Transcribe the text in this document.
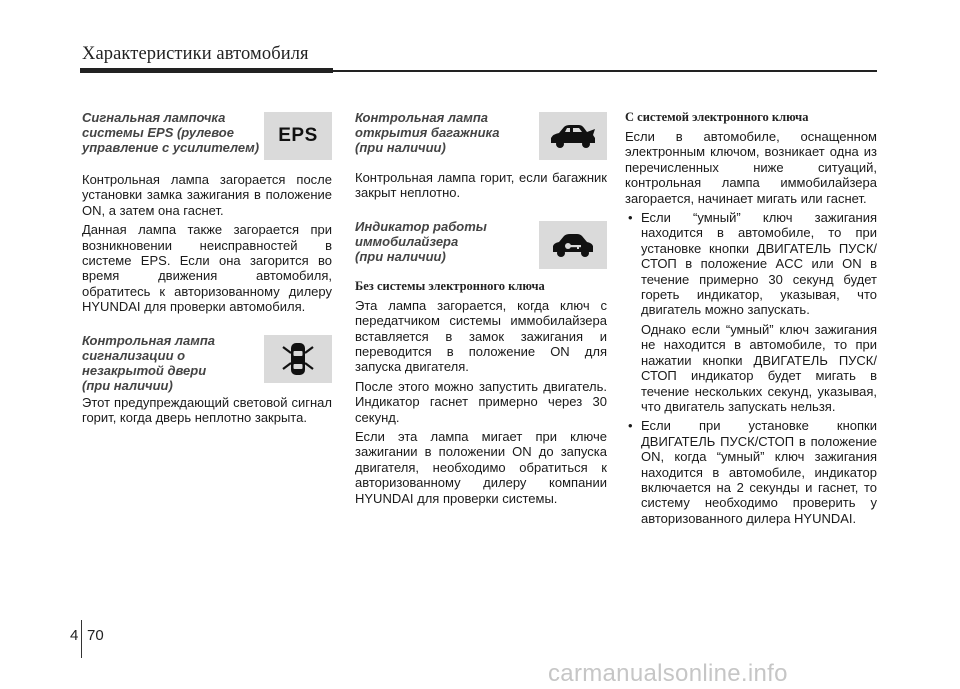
Характеристики автомобиля
Сигнальная лампочка
системы EPS (рулевое
управление с усилителем)
EPS

Контрольная лампа загорается после установки замка зажигания в положение ON, а затем она гаснет.

Данная лампа также загорается при возникновении неисправностей в системе EPS. Если она загорится во время движения автомобиля, обратитесь к авторизованному дилеру HYUNDAI для проверки автомобиля.

Контрольная лампа
сигнализации о
незакрытой двери
(при наличии)

Этот предупреждающий световой сигнал горит, когда дверь неплотно закрыта.

Контрольная лампа
открытия багажника
(при наличии)

Контрольная лампа горит, если багажник закрыт неплотно.

Индикатор работы
иммобилайзера
(при наличии)
Без системы электронного ключа

Эта лампа загорается, когда ключ с передатчиком системы иммобилайзера вставляется в замок зажигания и переводится в положение ON для запуска двигателя.

После этого можно запустить двигатель. Индикатор гаснет примерно через 30 секунд.

Если эта лампа мигает при ключе зажигании в положении ON до запуска двигателя, необходимо обратиться к авторизованному дилеру компании HYUNDAI для проверки системы.

С системой электронного ключа

Если в автомобиле, оснащенном электронным ключом, возникает одна из перечисленных ниже ситуаций, контрольная лампа иммобилайзера загорается, начинает мигать или гаснет.

• Если “умный” ключ зажигания находится в автомобиле, то при установке кнопки ДВИГАТЕЛЬ ПУСК/СТОП в положение ACC или ON в течение примерно 30 секунд будет гореть индикатор, указывая, что двигатель можно запускать.

Однако если “умный” ключ зажигания не находится в автомобиле, то при нажатии кнопки ДВИГАТЕЛЬ ПУСК/СТОП индикатор будет мигать в течение нескольких секунд, указывая, что двигатель запускать нельзя.

• Если при установке кнопки ДВИГАТЕЛЬ ПУСК/СТОП в положение ON, когда “умный” ключ зажигания находится в автомобиле, индикатор включается на 2 секунды и гаснет, то систему необходимо проверить у авторизованного дилера HYUNDAI.

4 70
carmanualsonline.info
